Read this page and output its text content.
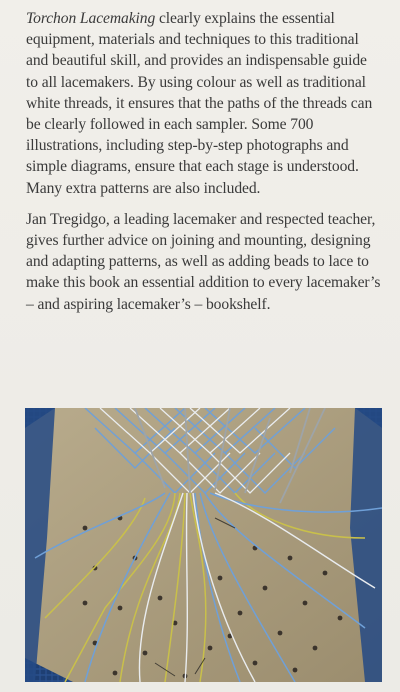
Torchon Lacemaking clearly explains the essential equipment, materials and techniques to this traditional and beautiful skill, and provides an indispensable guide to all lacemakers. By using colour as well as traditional white threads, it ensures that the paths of the threads can be clearly followed in each sampler. Some 700 illustrations, including step-by-step photographs and simple diagrams, ensure that each stage is understood. Many extra patterns are also included.

Jan Tregidgo, a leading lacemaker and respected teacher, gives further advice on joining and mounting, designing and adapting patterns, as well as adding beads to lace to make this book an essential addition to every lacemaker’s – and aspiring lacemaker’s – bookshelf.
